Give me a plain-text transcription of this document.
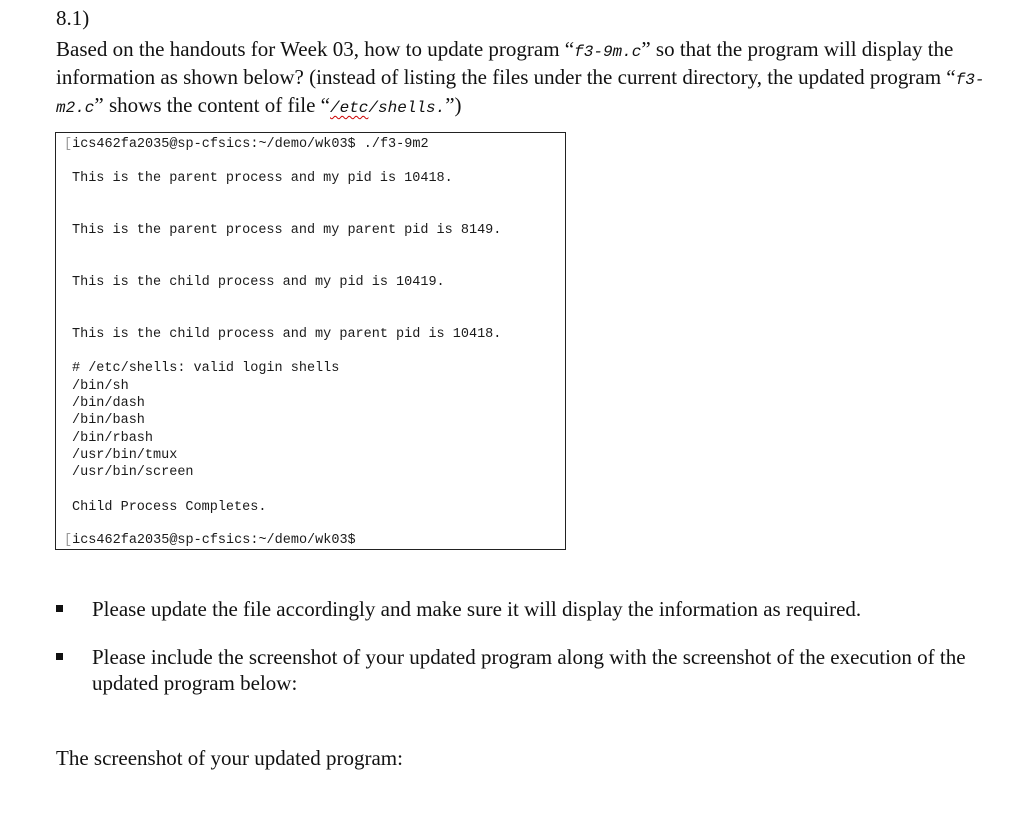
8.1)
Based on the handouts for Week 03, how to update program “f3-9m.c” so that the program will display the information as shown below? (instead of listing the files under the current directory, the updated program “f3-m2.c” shows the content of file “/etc/shells.”)
[ics462fa2035@sp-cfsics:~/demo/wk03$ ./f3-9m2
This is the parent process and my pid is 10418.
This is the parent process and my parent pid is 8149.
This is the child process and my pid is 10419.
This is the child process and my parent pid is 10418.
# /etc/shells: valid login shells
/bin/sh
/bin/dash
/bin/bash
/bin/rbash
/usr/bin/tmux
/usr/bin/screen
Child Process Completes.
[ics462fa2035@sp-cfsics:~/demo/wk03$
Please update the file accordingly and make sure it will display the information as required.
Please include the screenshot of your updated program along with the screenshot of the execution of the updated program below:
The screenshot of your updated program:
